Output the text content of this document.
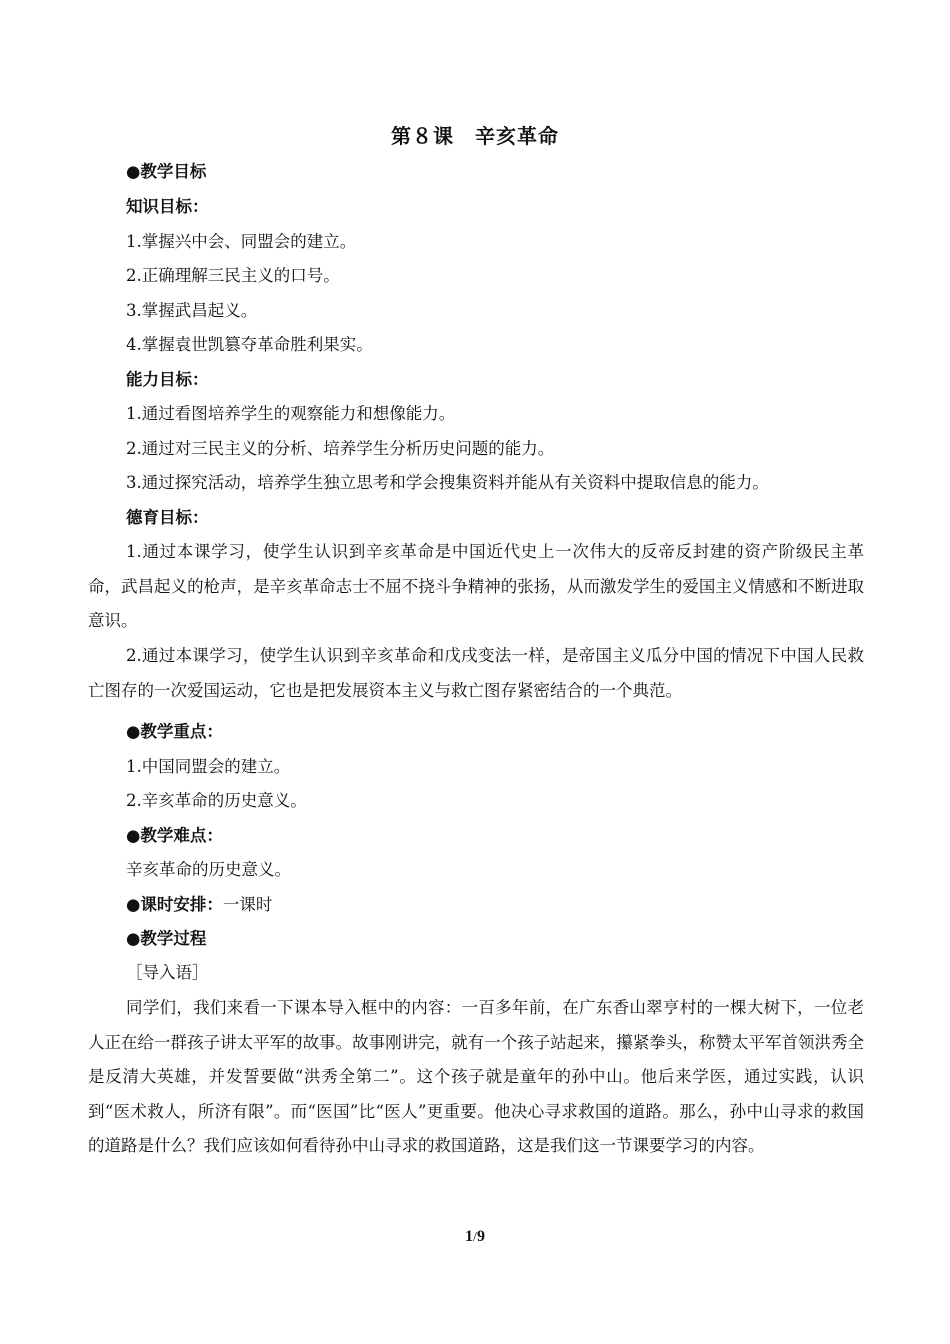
第８课　辛亥革命
●教学目标
知识目标：
1.掌握兴中会、同盟会的建立。
2.正确理解三民主义的口号。
3.掌握武昌起义。
4.掌握袁世凯篡夺革命胜利果实。
能力目标：
1.通过看图培养学生的观察能力和想像能力。
2.通过对三民主义的分析、培养学生分析历史问题的能力。
3.通过探究活动，培养学生独立思考和学会搜集资料并能从有关资料中提取信息的能力。
德育目标：
1.通过本课学习，使学生认识到辛亥革命是中国近代史上一次伟大的反帝反封建的资产阶级民主革命，武昌起义的枪声，是辛亥革命志士不屈不挠斗争精神的张扬，从而激发学生的爱国主义情感和不断进取意识。
2.通过本课学习，使学生认识到辛亥革命和戊戌变法一样，是帝国主义瓜分中国的情况下中国人民救亡图存的一次爱国运动，它也是把发展资本主义与救亡图存紧密结合的一个典范。
●教学重点：
1.中国同盟会的建立。
2.辛亥革命的历史意义。
●教学难点：
辛亥革命的历史意义。
●课时安排：一课时
●教学过程
［导入语］
同学们，我们来看一下课本导入框中的内容：一百多年前，在广东香山翠亨村的一棵大树下，一位老人正在给一群孩子讲太平军的故事。故事刚讲完，就有一个孩子站起来，攥紧拳头，称赞太平军首领洪秀全是反清大英雄，并发誓要做“洪秀全第二”。这个孩子就是童年的孙中山。他后来学医，通过实践，认识到“医术救人，所济有限”。而“医国”比“医人”更重要。他决心寻求救国的道路。那么，孙中山寻求的救国的道路是什么？我们应该如何看待孙中山寻求的救国道路，这是我们这一节课要学习的内容。
1/9
